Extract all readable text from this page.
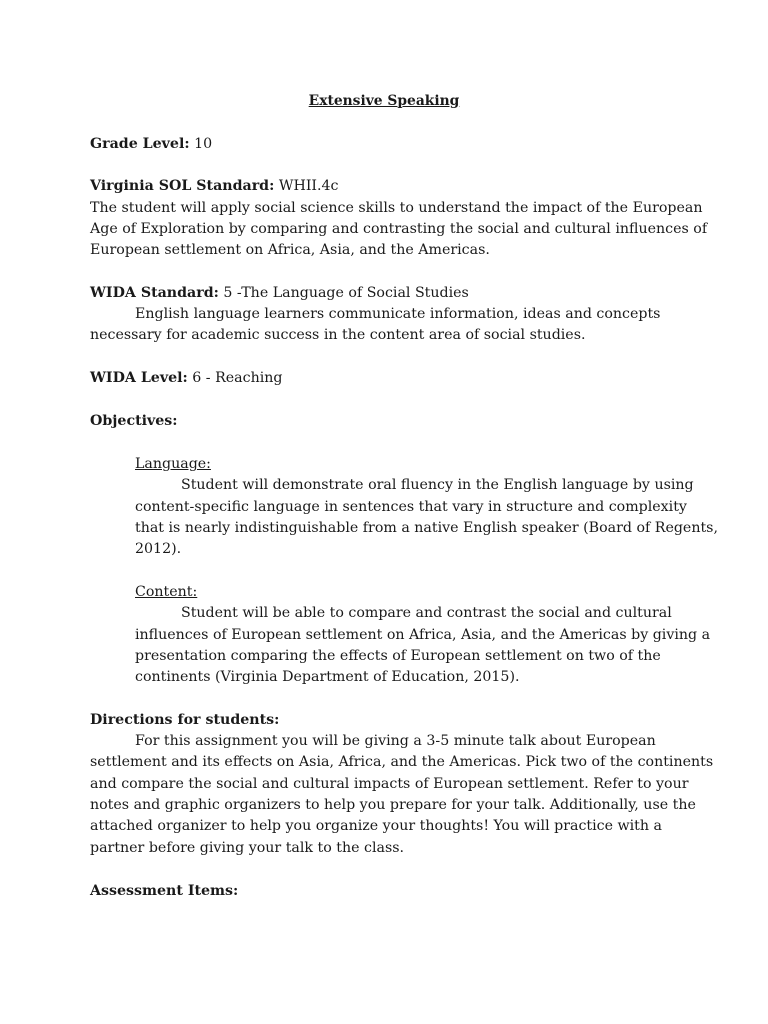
Extensive Speaking
Grade Level: 10
Virginia SOL Standard: WHII.4c
The student will apply social science skills to understand the impact of the European
Age of Exploration by comparing and contrasting the social and cultural influences of
European settlement on Africa, Asia, and the Americas.
WIDA Standard: 5 -The Language of Social Studies
English language learners communicate information, ideas and concepts
necessary for academic success in the content area of social studies.
WIDA Level: 6 - Reaching
Objectives:
Language:
Student will demonstrate oral fluency in the English language by using
content-specific language in sentences that vary in structure and complexity
that is nearly indistinguishable from a native English speaker (Board of Regents,
2012).
Content:
Student will be able to compare and contrast the social and cultural
influences of European settlement on Africa, Asia, and the Americas by giving a
presentation comparing the effects of European settlement on two of the
continents (Virginia Department of Education, 2015).
Directions for students:
For this assignment you will be giving a 3-5 minute talk about European
settlement and its effects on Asia, Africa, and the Americas. Pick two of the continents
and compare the social and cultural impacts of European settlement. Refer to your
notes and graphic organizers to help you prepare for your talk. Additionally, use the
attached organizer to help you organize your thoughts! You will practice with a
partner before giving your talk to the class.
Assessment Items:
